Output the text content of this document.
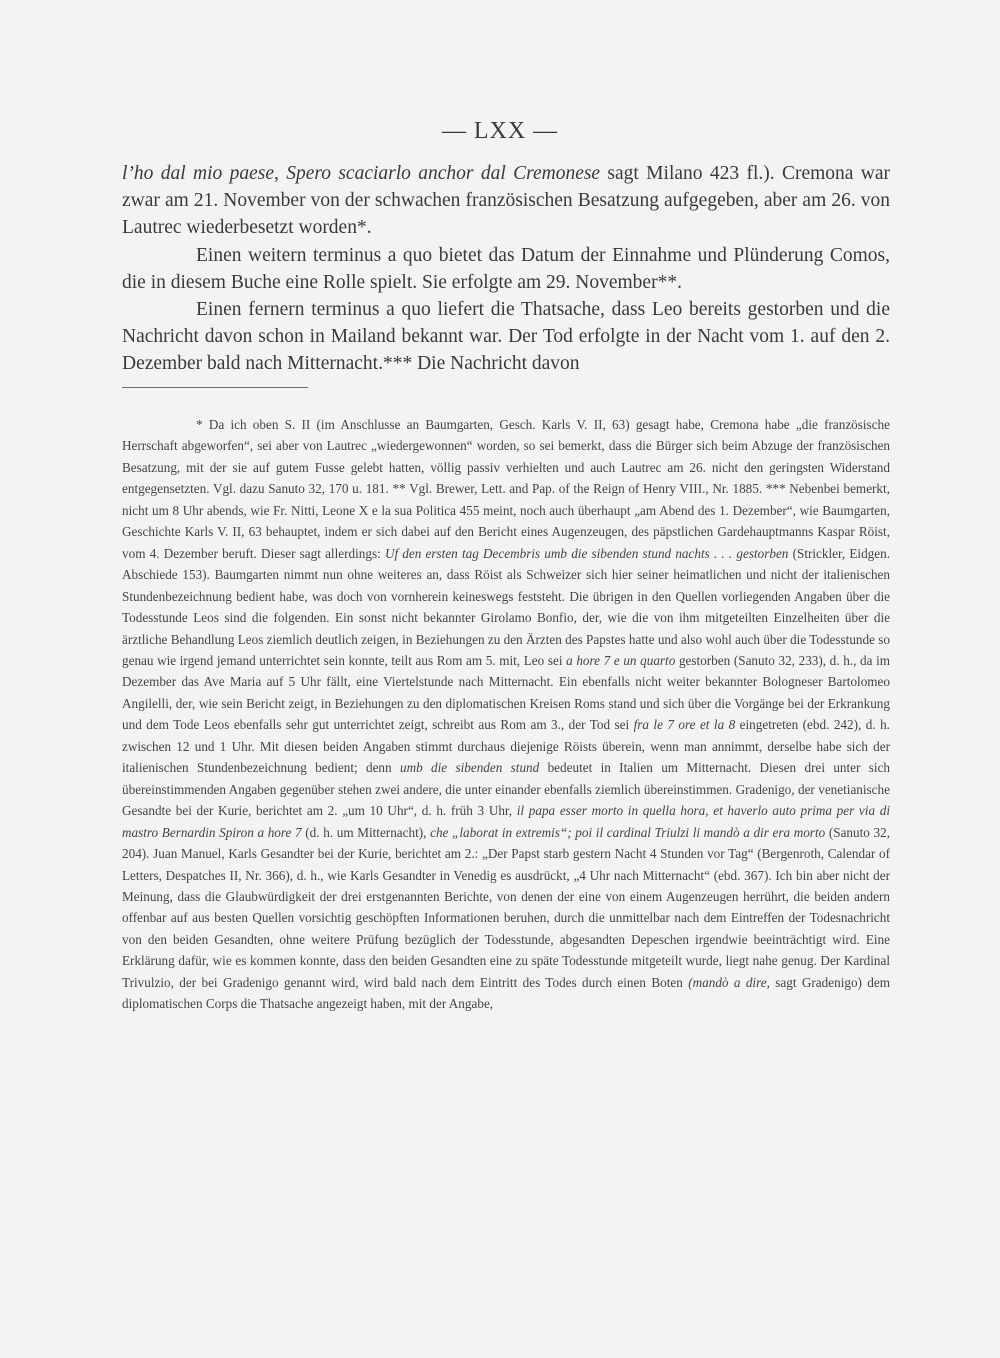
— LXX —

l’ho dal mio paese, Spero scaciarlo anchor dal Cremonese sagt Milano 423 fl.). Cremona war zwar am 21. November von der schwachen französischen Besatzung aufgegeben, aber am 26. von Lautrec wiederbesetzt worden*.

Einen weitern terminus a quo bietet das Datum der Einnahme und Plünderung Comos, die in diesem Buche eine Rolle spielt. Sie erfolgte am 29. November**.

Einen fernern terminus a quo liefert die Thatsache, dass Leo bereits gestorben und die Nachricht davon schon in Mailand bekannt war. Der Tod erfolgte in der Nacht vom 1. auf den 2. Dezember bald nach Mitternacht.*** Die Nachricht davon

* Da ich oben S. II (im Anschlusse an Baumgarten, Gesch. Karls V. II, 63) gesagt habe, Cremona habe „die französische Herrschaft abgeworfen“, sei aber von Lautrec „wiedergewonnen“ worden, so sei bemerkt, dass die Bürger sich beim Abzuge der französischen Besatzung, mit der sie auf gutem Fusse gelebt hatten, völlig passiv verhielten und auch Lautrec am 26. nicht den geringsten Widerstand entgegensetzten. Vgl. dazu Sanuto 32, 170 u. 181. ** Vgl. Brewer, Lett. and Pap. of the Reign of Henry VIII., Nr. 1885. *** Nebenbei bemerkt, nicht um 8 Uhr abends, wie Fr. Nitti, Leone X e la sua Politica 455 meint, noch auch überhaupt „am Abend des 1. Dezember“, wie Baumgarten, Geschichte Karls V. II, 63 behauptet, indem er sich dabei auf den Bericht eines Augenzeugen, des päpstlichen Gardehauptmanns Kaspar Röist, vom 4. Dezember beruft. Dieser sagt allerdings: Uf den ersten tag Decembris umb die sibenden stund nachts . . . gestorben (Strickler, Eidgen. Abschiede 153). Baumgarten nimmt nun ohne weiteres an, dass Röist als Schweizer sich hier seiner heimatlichen und nicht der italienischen Stundenbezeichnung bedient habe, was doch von vornherein keineswegs feststeht. Die übrigen in den Quellen vorliegenden Angaben über die Todesstunde Leos sind die folgenden. Ein sonst nicht bekannter Girolamo Bonfio, der, wie die von ihm mitgeteilten Einzelheiten über die ärztliche Behandlung Leos ziemlich deutlich zeigen, in Beziehungen zu den Ärzten des Papstes hatte und also wohl auch über die Todesstunde so genau wie irgend jemand unterrichtet sein konnte, teilt aus Rom am 5. mit, Leo sei a hore 7 e un quarto gestorben (Sanuto 32, 233), d. h., da im Dezember das Ave Maria auf 5 Uhr fällt, eine Viertelstunde nach Mitternacht. Ein ebenfalls nicht weiter bekannter Bologneser Bartolomeo Angilelli, der, wie sein Bericht zeigt, in Beziehungen zu den diplomatischen Kreisen Roms stand und sich über die Vorgänge bei der Erkrankung und dem Tode Leos ebenfalls sehr gut unterrichtet zeigt, schreibt aus Rom am 3., der Tod sei fra le 7 ore et la 8 eingetreten (ebd. 242), d. h. zwischen 12 und 1 Uhr. Mit diesen beiden Angaben stimmt durchaus diejenige Röists überein, wenn man annimmt, derselbe habe sich der italienischen Stundenbezeichnung bedient; denn umb die sibenden stund bedeutet in Italien um Mitternacht. Diesen drei unter sich übereinstimmenden Angaben gegenüber stehen zwei andere, die unter einander ebenfalls ziemlich übereinstimmen. Gradenigo, der venetianische Gesandte bei der Kurie, berichtet am 2. „um 10 Uhr“, d. h. früh 3 Uhr, il papa esser morto in quella hora, et haverlo auto prima per via di mastro Bernardin Spiron a hore 7 (d. h. um Mitternacht), che „laborat in extremis“; poi il cardinal Triulzi li mandò a dir era morto (Sanuto 32, 204). Juan Manuel, Karls Gesandter bei der Kurie, berichtet am 2.: „Der Papst starb gestern Nacht 4 Stunden vor Tag“ (Bergenroth, Calendar of Letters, Despatches II, Nr. 366), d. h., wie Karls Gesandter in Venedig es ausdrückt, „4 Uhr nach Mitternacht“ (ebd. 367). Ich bin aber nicht der Meinung, dass die Glaubwürdigkeit der drei erstgenannten Berichte, von denen der eine von einem Augenzeugen herrührt, die beiden andern offenbar auf aus besten Quellen vorsichtig geschöpften Informationen beruhen, durch die unmittelbar nach dem Eintreffen der Todesnachricht von den beiden Gesandten, ohne weitere Prüfung bezüglich der Todesstunde, abgesandten Depeschen irgendwie beeinträchtigt wird. Eine Erklärung dafür, wie es kommen konnte, dass den beiden Gesandten eine zu späte Todesstunde mitgeteilt wurde, liegt nahe genug. Der Kardinal Trivulzio, der bei Gradenigo genannt wird, wird bald nach dem Eintritt des Todes durch einen Boten (mandò a dire, sagt Gradenigo) dem diplomatischen Corps die Thatsache angezeigt haben, mit der Angabe,
